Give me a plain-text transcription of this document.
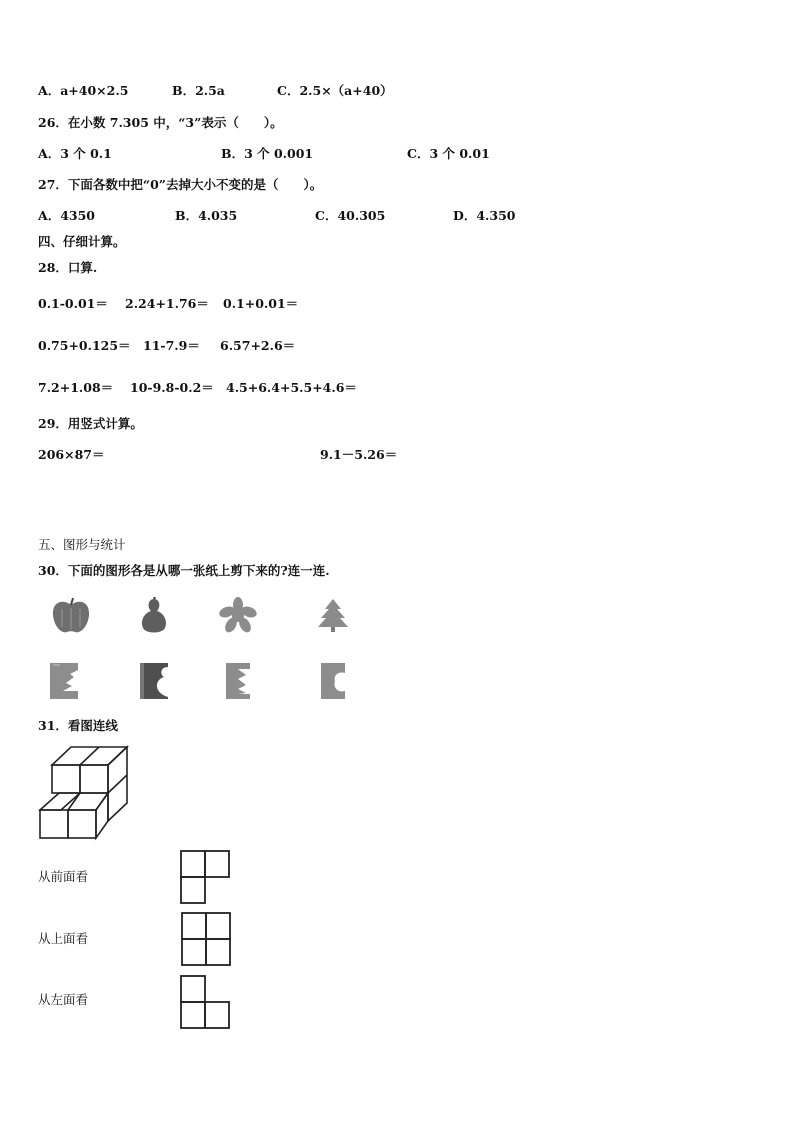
A．a+40×2.5	B．2.5a	C．2.5×（a+40）
26．在小数 7.305 中，“3”表示（　　）。
A．3 个 0.1	B．3 个 0.001	C．3 个 0.01
27．下面各数中把“0”去掉大小不变的是（　　）。
A．4350	B．4.035	C．40.305	D．4.350
四、仔细计算。
28．口算.
0.1-0.01＝ 2.24+1.76＝ 0.1+0.01＝
0.75+0.125＝ 11-7.9＝ 6.57+2.6＝
7.2+1.08＝ 10-9.8-0.2＝ 4.5+6.4+5.5+4.6＝
29．用竖式计算。
206×87＝	9.1－5.26＝
五、图形与统计
30．下面的图形各是从哪一张纸上剪下来的?连一连.
31．看图连线
从前面看
从上面看
从左面看
